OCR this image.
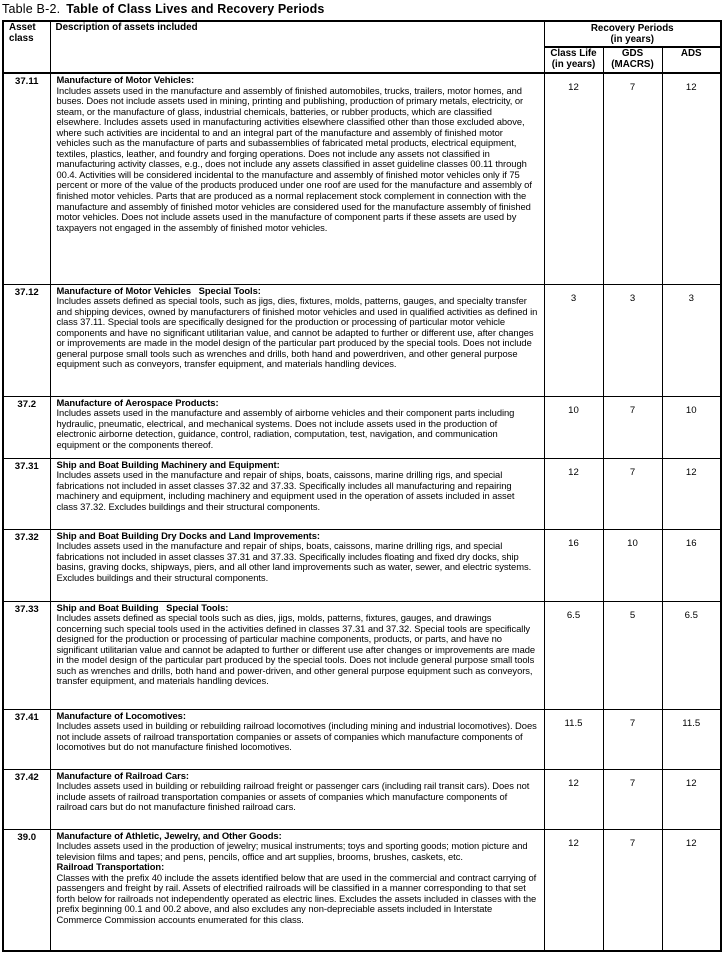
Table B-2. Table of Class Lives and Recovery Periods
Asset
class

Description of assets included	Recovery Periods
(in years)

Class Life
(in years)

GDS
(MACRS)

ADS

37.11	Manufacture of Motor Vehicles:
Includes assets used in the manufacture and assembly of finished automobiles, trucks, trailers, motor homes, and buses. Does not include assets used in mining, printing and publishing, production of primary metals, electricity, or steam, or the manufacture of glass, industrial chemicals, batteries, or rubber products, which are classified elsewhere. Includes assets used in manufacturing activities elsewhere classified other than those excluded above, where such activities are incidental to and an integral part of the manufacture and assembly of finished motor vehicles such as the manufacture of parts and subassemblies of fabricated metal products, electrical equipment, textiles, plastics, leather, and foundry and forging operations. Does not include any assets not classified in manufacturing activity classes, e.g., does not include any assets classified in asset guideline classes 00.11 through 00.4. Activities will be considered incidental to the manufacture and assembly of finished motor vehicles only if 75 percent or more of the value of the products produced under one roof are used for the manufacture and assembly of finished motor vehicles. Parts that are produced as a normal replacement stock complement in connection with the manufacture and assembly of finished motor vehicles are considered used for the manufacture assembly of finished motor vehicles. Does not include assets used in the manufacture of component parts if these assets are used by taxpayers not engaged in the assembly of finished motor vehicles.	12	7	12
37.12	Manufacture of Motor Vehicles   Special Tools:
Includes assets defined as special tools, such as jigs, dies, fixtures, molds, patterns, gauges, and specialty transfer and shipping devices, owned by manufacturers of finished motor vehicles and used in qualified activities as defined in class 37.11. Special tools are specifically designed for the production or processing of particular motor vehicle components and have no significant utilitarian value, and cannot be adapted to further or different use, after changes or improvements are made in the model design of the particular part produced by the special tools. Does not include general purpose small tools such as wrenches and drills, both hand and powerdriven, and other general purpose equipment such as conveyors, transfer equipment, and materials handling devices.	3	3	3
37.2	Manufacture of Aerospace Products:
Includes assets used in the manufacture and assembly of airborne vehicles and their component parts including hydraulic, pneumatic, electrical, and mechanical systems. Does not include assets used in the production of electronic airborne detection, guidance, control, radiation, computation, test, navigation, and communication equipment or the components thereof.	10	7	10
37.31	Ship and Boat Building Machinery and Equipment:
Includes assets used in the manufacture and repair of ships, boats, caissons, marine drilling rigs, and special fabrications not included in asset classes 37.32 and 37.33. Specifically includes all manufacturing and repairing machinery and equipment, including machinery and equipment used in the operation of assets included in asset class 37.32. Excludes buildings and their structural components.	12	7	12
37.32	Ship and Boat Building Dry Docks and Land Improvements:
Includes assets used in the manufacture and repair of ships, boats, caissons, marine drilling rigs, and special fabrications not included in asset classes 37.31 and 37.33. Specifically includes floating and fixed dry docks, ship basins, graving docks, shipways, piers, and all other land improvements such as water, sewer, and electric systems. Excludes buildings and their structural components.	16	10	16
37.33	Ship and Boat Building   Special Tools:
Includes assets defined as special tools such as dies, jigs, molds, patterns, fixtures, gauges, and drawings concerning such special tools used in the activities defined in classes 37.31 and 37.32. Special tools are specifically designed for the production or processing of particular machine components, products, or parts, and have no significant utilitarian value and cannot be adapted to further or different use after changes or improvements are made in the model design of the particular part produced by the special tools. Does not include general purpose small tools such as wrenches and drills, both hand and power-driven, and other general purpose equipment such as conveyors, transfer equipment, and materials handling devices.	6.5	5	6.5
37.41	Manufacture of Locomotives:
Includes assets used in building or rebuilding railroad locomotives (including mining and industrial locomotives). Does not include assets of railroad transportation companies or assets of companies which manufacture components of locomotives but do not manufacture finished locomotives.	11.5	7	11.5
37.42	Manufacture of Railroad Cars:
Includes assets used in building or rebuilding railroad freight or passenger cars (including rail transit cars). Does not include assets of railroad transportation companies or assets of companies which manufacture components of railroad cars but do not manufacture finished railroad cars.	12	7	12
39.0	Manufacture of Athletic, Jewelry, and Other Goods:
Includes assets used in the production of jewelry; musical instruments; toys and sporting goods; motion picture and television films and tapes; and pens, pencils, office and art supplies, brooms, brushes, caskets, etc.
Railroad Transportation:
Classes with the prefix 40 include the assets identified below that are used in the commercial and contract carrying of passengers and freight by rail. Assets of electrified railroads will be classified in a manner corresponding to that set forth below for railroads not independently operated as electric lines. Excludes the assets included in classes with the prefix beginning 00.1 and 00.2 above, and also excludes any non-depreciable assets included in Interstate Commerce Commission accounts enumerated for this class.	12	7	12
